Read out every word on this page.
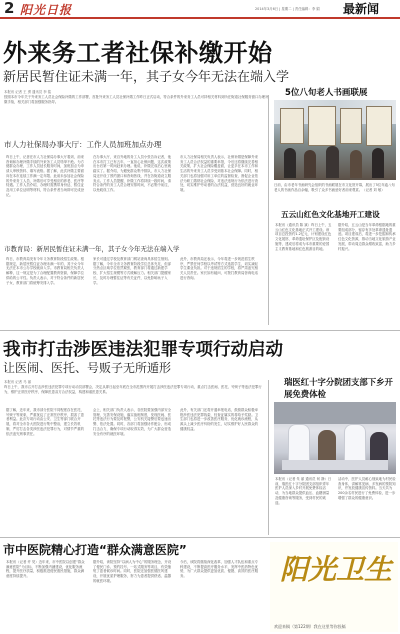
2 阳光日报	2014年3月6日 | 星期二 | 责任编辑：李 娟 最新闻
外来务工者社保补缴开始
新居民暂住证未满一年，其子女今年无法在端入学
本报讯 记者 王 勇 通讯员 李 铭
按照本市今年关于外来务工人员社会保险补缴的工作部署，首批外来务工人员社保补缴工作昨日正式启动，符合条件的外来务工人员可持相关材料到所在街道社保服务窗口办理补缴手续，相关部门将加强服务指导。
市人力社保局办事大厅：工作人员加班加点办理
昨日上午，记者在市人力社保局办事大厅看到，前来咨询和办理补缴手续的外来务工人员络绎不绝。为方便群众办理，工作人员延长服务时间，加班加点为申请人审核资料、填写表格。据了解，此次补缴主要面向在本市连续工作满一定年限、此前未参加社会保险的外来务工人员，补缴后可享受相应的养老、医疗等待遇。工作人员介绍，办理时需携带身份证、暂住证及用工单位证明等材料，符合条件者当场即可完成登记。
在办事大厅，来自外地的务工人员小张告诉记者，他在本市打工已有五年，一直担心社保问题，这次政策出台后第一时间赶来办理。他说，补缴完成后心里就踏实了。据介绍，为避免群众集中排队，市人力社保局还开设了预约窗口和咨询热线，并在各街道设立服务点。工作人员提醒，补缴工作将持续一段时间，请符合条件的务工人员合理安排时间，不必集中前往，以免耽误工作。
市人力社保局相关负责人表示，社保补缴是保障外来务工人员合法权益的重要举措，今后还将继续完善相关政策，扩大社会保险覆盖面，让更多在本市工作和生活的外来务工人员享受到基本社会保障。同时，相关部门也将加强对用工单位的监督检查，督促企业依法为职工缴纳社会保险，对违法违规行为依法进行查处，切实维护劳动者的合法权益，营造良好的就业环境。
市教育局：新居民暂住证未满一年，其子女今年无法在端入学
昨日，市教育局发布今年义务教育阶段招生政策。根据规定，新居民暂住证办理未满一年的，其子女今年无法在本市公办学校就读入学。市教育局相关负责人解释，这一规定是为了合理配置教育资源，保障学位供给的公平性。负责人表示，对于符合条件的新居民子女，教育部门将统筹安排入学。
家长可通过学校及教育部门网站查询具体招生细则。据了解，今年全市义务教育阶段学位总体充足，但部分热点区域学位依然紧张，教育部门将通过新建学校、扩大招生规模等方式缓解压力。相关部门提醒家长，及时办理暂住证等有关证件，以免影响孩子入学。
此外，市教育局还表示，今年将进一步规范招生秩序，严禁任何学校以考试等方式选拔学生，切实减轻学生课业负担。对于违规招生的学校，将严肃追究相关人员责任。家长如有疑问，可拨打教育局咨询电话进行咨询。
5位八旬老人书画联展
日前，由市老年书画研究会组织的书画联展在市文化馆开幕，展出了5位年逾八旬老人的书画作品百余幅，吸引了众多书画爱好者前来观赏。（记者 刘 敏）
五云山红色文化基地开工建设
本报讯（通讯员 陈 斌）昨日上午，五云山红色文化基地正式开工建设。该项目总投资约1.2亿元，计划建设红色文化展馆、革命遗址保护区及配套设施等，建成后将成为本市重要的爱国主义教育基地和红色旅游目的地。
据介绍，五云山是当年革命根据地的重要组成部分，留存有多处革命遗址遗迹。项目建成后，将进一步挖掘和传承红色文化资源，推动当地文化旅游产业发展，带动周边群众增收致富，助力乡村振兴。
我市打击涉医违法犯罪专项行动启动
让医闹、医托、号贩子无所遁形
本报讯 记者 马 丽
昨日上午，我市召开打击涉医违法犯罪专项行动动员部署会，决定从即日起至年底在全市范围内开展打击涉医违法犯罪专项行动，重点打击医闹、医托、号贩子等违法犯罪行为，维护正常医疗秩序，保障医患双方合法权益，构建和谐医患关系。
据了解，近年来，我市部分医院不同程度存在医托、号贩子等现象，严重扰乱了正常医疗秩序，损害了患者利益。此次专项行动由公安、卫生等部门联合开展，将对全市各大医院进行集中整治，建立长效机制，严厉打击各类涉医违法犯罪行为，对情节严重的依法追究刑事责任。
会上，相关部门负责人表示，各医院要加强内部安全管理，完善安保设施，落实值班制度，发现医闹、医托等违法行为要及时报警，公安机关接警后要迅速出警、依法处置。同时，各部门将加强协作配合，形成打击合力，确保专项行动取得实效，为广大群众营造安全有序的就医环境。
此外，有关部门还将开通举报电话，鼓励群众积极举报涉医违法犯罪线索，经查证属实的将给予奖励。卫生部门也将进一步改善医疗服务，优化就诊流程，从源头上减少医疗纠纷的发生，切实维护好人民群众的健康权益。
瑞医红十字分院团支部下乡开展免费体检
本报讯（记者 朱 丽 通讯员 何 静）日前，瑞医红十字分院团支部组织青年医护人员深入乡村开展免费体检活动，为当地群众提供血压、血糖测量及健康咨询等服务，受到村民的欢迎。
活动中，医护人员耐心细致地为村民检查身体，讲解常见病、多发病的预防知识，并发放健康宣传资料。当天共为200余名村民进行了免费体检，进一步增强了群众的健康意识。
市中医院精心打造“群众满意医院”
本报讯（记者 许 昊）近年来，市中医院以创建“群众满意医院”为目标，不断加强内涵建设，优化服务流程，提升医疗质量，积极推进便民惠民措施，群众满意度持续提升。
据介绍，该院坚持“以病人为中心”的服务理念，开设了便民门诊、预约挂号、一站式服务等项目，有效缩短了患者候诊时间。同时，医院还加强医德医风建设，开展优质护理服务，努力为患者提供舒适、温馨的就医环境。
今后，该院将继续深化改革，加强人才队伍和重点专科建设，不断提高医疗服务水平，发挥中医药特色优势，为广大群众提供更加优质、便捷、高效的医疗服务。	阳光卫生
欢迎来稿（第122期）我在这里等你投稿
